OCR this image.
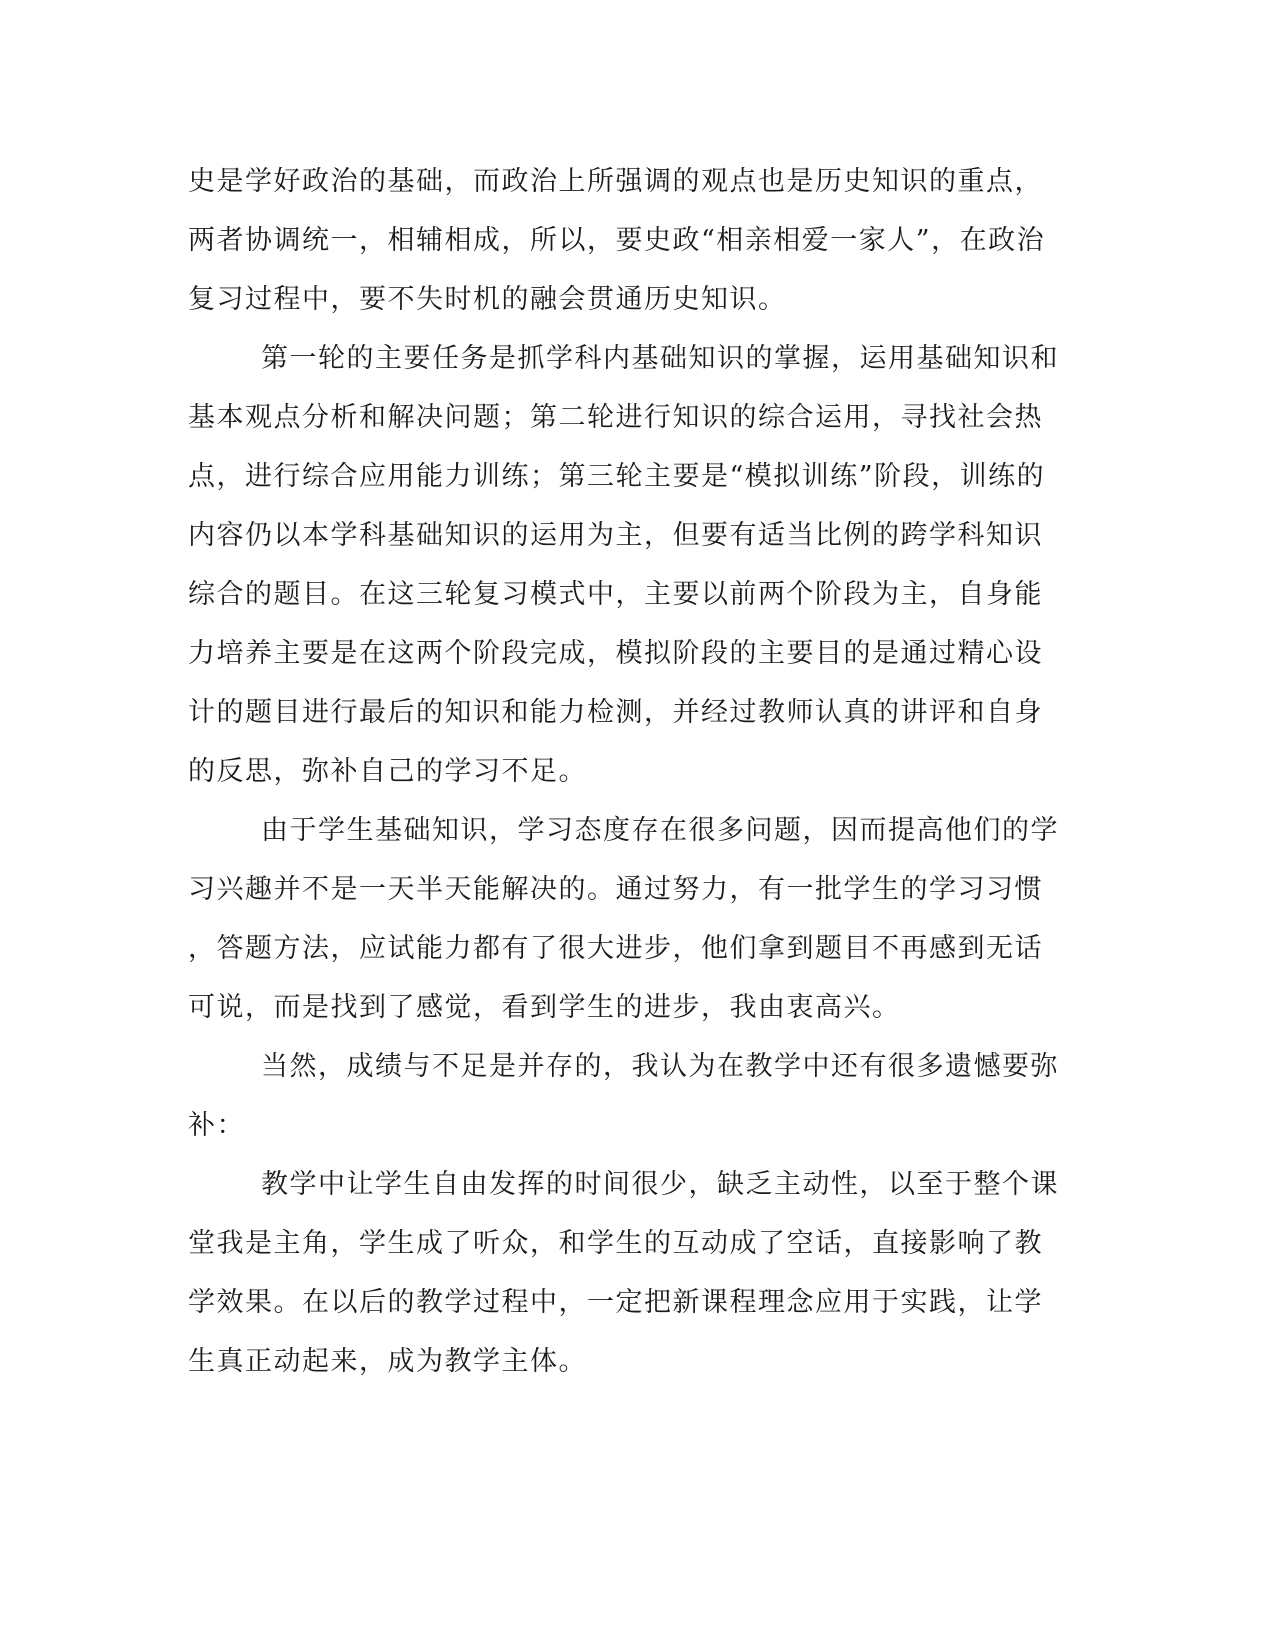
史是学好政治的基础，而政治上所强调的观点也是历史知识的重点，
两者协调统一，相辅相成，所以，要史政“相亲相爱一家人”，在政治
复习过程中，要不失时机的融会贯通历史知识。
第一轮的主要任务是抓学科内基础知识的掌握，运用基础知识和
基本观点分析和解决问题；第二轮进行知识的综合运用，寻找社会热
点，进行综合应用能力训练；第三轮主要是“模拟训练”阶段，训练的
内容仍以本学科基础知识的运用为主，但要有适当比例的跨学科知识
综合的题目。在这三轮复习模式中，主要以前两个阶段为主，自身能
力培养主要是在这两个阶段完成，模拟阶段的主要目的是通过精心设
计的题目进行最后的知识和能力检测，并经过教师认真的讲评和自身
的反思，弥补自己的学习不足。
由于学生基础知识，学习态度存在很多问题，因而提高他们的学
习兴趣并不是一天半天能解决的。通过努力，有一批学生的学习习惯
，答题方法，应试能力都有了很大进步，他们拿到题目不再感到无话
可说，而是找到了感觉，看到学生的进步，我由衷高兴。
当然，成绩与不足是并存的，我认为在教学中还有很多遗憾要弥
补：
教学中让学生自由发挥的时间很少，缺乏主动性，以至于整个课
堂我是主角，学生成了听众，和学生的互动成了空话，直接影响了教
学效果。在以后的教学过程中，一定把新课程理念应用于实践，让学
生真正动起来，成为教学主体。
